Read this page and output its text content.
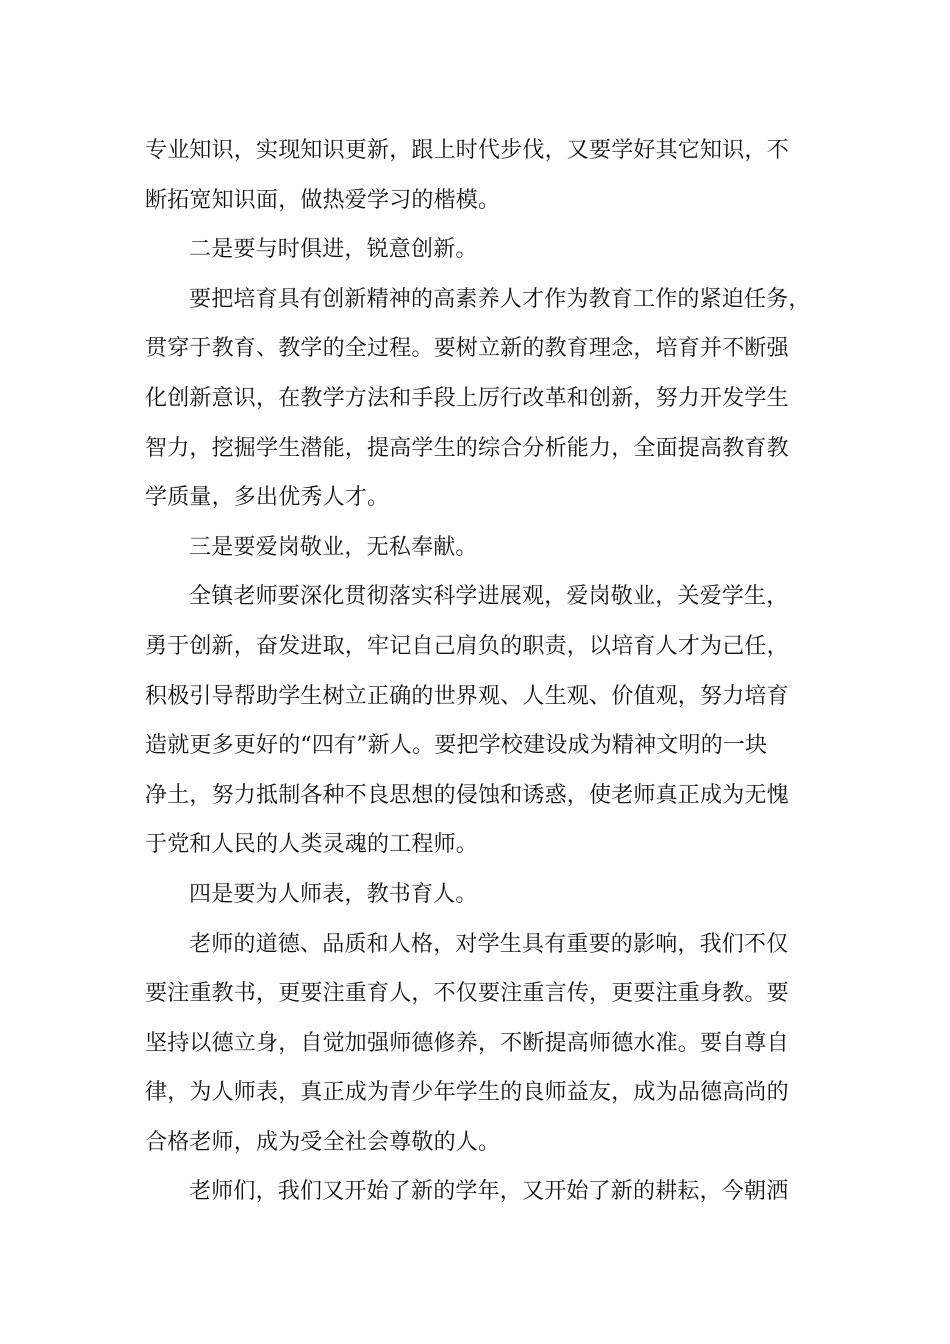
专业知识，实现知识更新，跟上时代步伐，又要学好其它知识，不
断拓宽知识面，做热爱学习的楷模。
二是要与时俱进，锐意创新。
要把培育具有创新精神的高素养人才作为教育工作的紧迫任务，
贯穿于教育、教学的全过程。要树立新的教育理念，培育并不断强
化创新意识，在教学方法和手段上厉行改革和创新，努力开发学生
智力，挖掘学生潜能，提高学生的综合分析能力，全面提高教育教
学质量，多出优秀人才。
三是要爱岗敬业，无私奉献。
全镇老师要深化贯彻落实科学进展观，爱岗敬业，关爱学生，
勇于创新，奋发进取，牢记自己肩负的职责，以培育人才为己任，
积极引导帮助学生树立正确的世界观、人生观、价值观，努力培育
造就更多更好的“四有”新人。要把学校建设成为精神文明的一块
净土，努力抵制各种不良思想的侵蚀和诱惑，使老师真正成为无愧
于党和人民的人类灵魂的工程师。
四是要为人师表，教书育人。
老师的道德、品质和人格，对学生具有重要的影响，我们不仅
要注重教书，更要注重育人，不仅要注重言传，更要注重身教。要
坚持以德立身，自觉加强师德修养，不断提高师德水准。要自尊自
律，为人师表，真正成为青少年学生的良师益友，成为品德高尚的
合格老师，成为受全社会尊敬的人。
老师们，我们又开始了新的学年，又开始了新的耕耘，今朝洒
